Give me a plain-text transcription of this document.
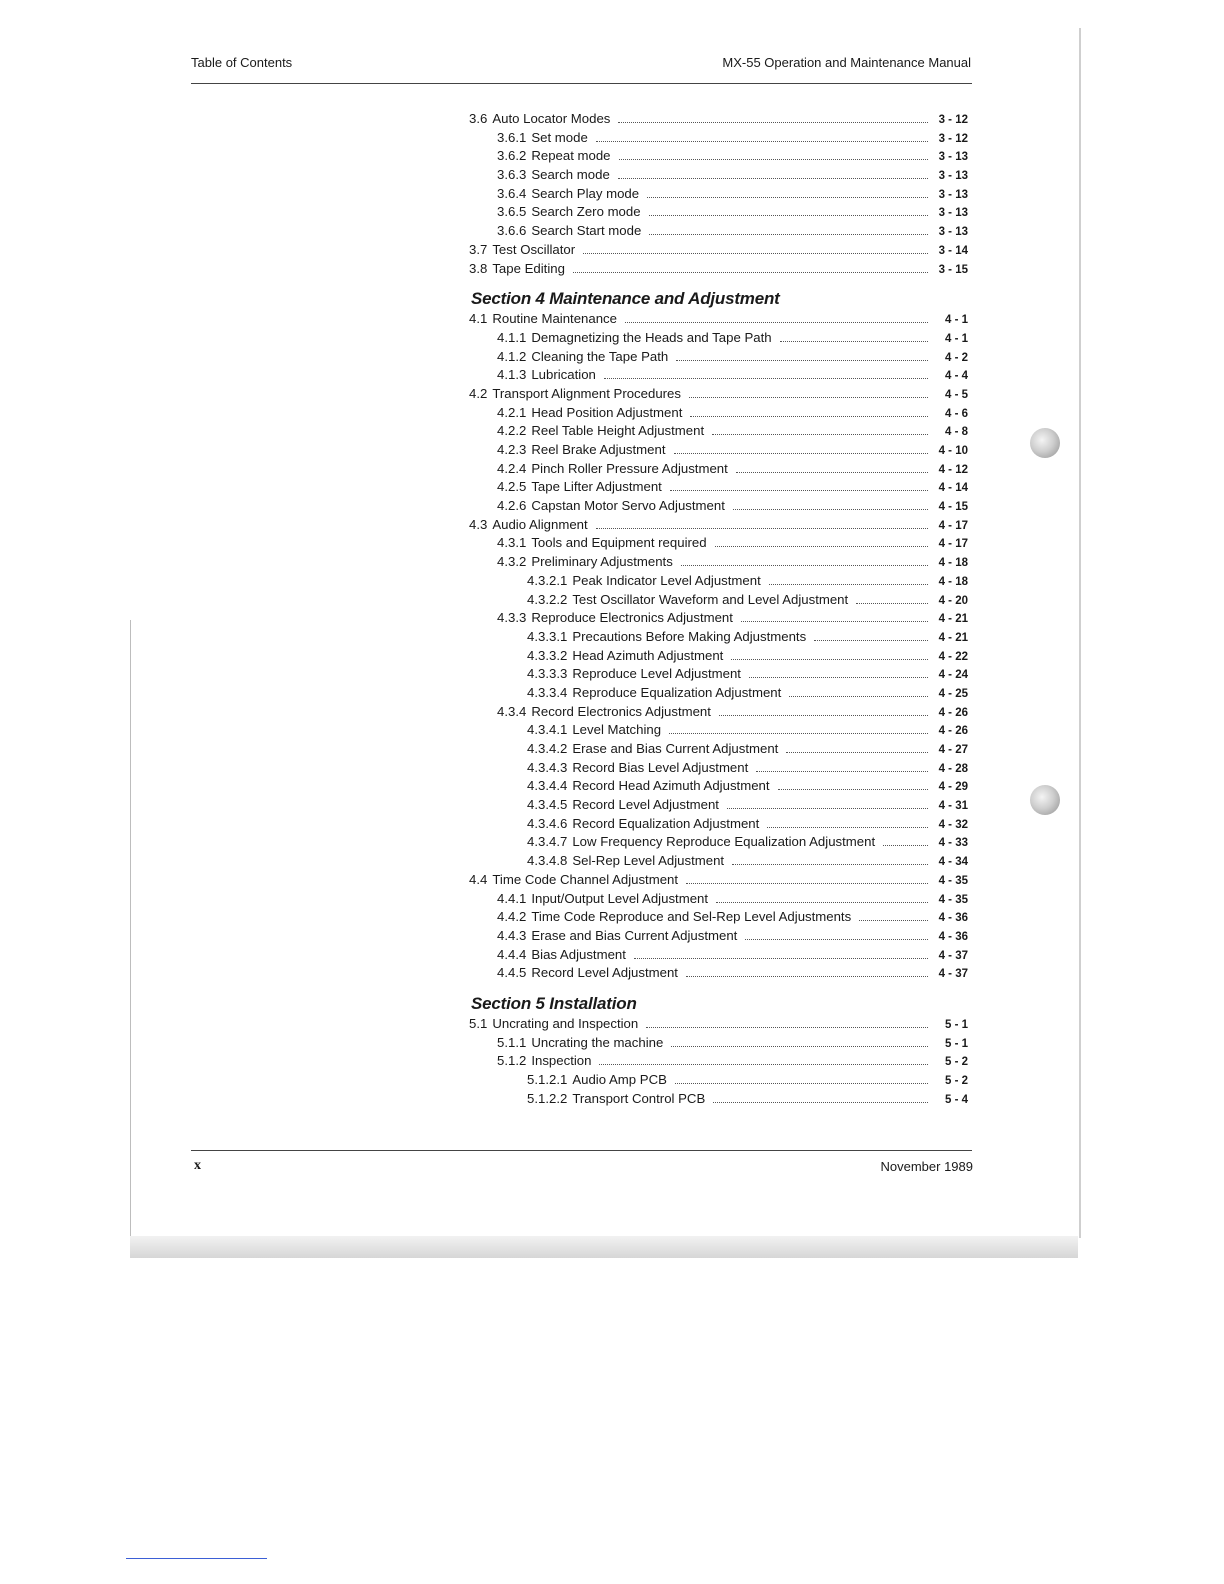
Table of Contents	MX-55 Operation and Maintenance Manual
3.6 Auto Locator Modes	3 - 12
3.6.1 Set mode	3 - 12
3.6.2 Repeat mode	3 - 13
3.6.3 Search mode	3 - 13
3.6.4 Search Play mode	3 - 13
3.6.5 Search Zero mode	3 - 13
3.6.6 Search Start mode	3 - 13
3.7 Test Oscillator	3 - 14
3.8 Tape Editing	3 - 15
Section 4 Maintenance and Adjustment
4.1 Routine Maintenance	4 - 1
4.1.1 Demagnetizing the Heads and Tape Path	4 - 1
4.1.2 Cleaning the Tape Path	4 - 2
4.1.3 Lubrication	4 - 4
4.2 Transport Alignment Procedures	4 - 5
4.2.1 Head Position Adjustment	4 - 6
4.2.2 Reel Table Height Adjustment	4 - 8
4.2.3 Reel Brake Adjustment	4 - 10
4.2.4 Pinch Roller Pressure Adjustment	4 - 12
4.2.5 Tape Lifter Adjustment	4 - 14
4.2.6 Capstan Motor Servo Adjustment	4 - 15
4.3 Audio Alignment	4 - 17
4.3.1 Tools and Equipment required	4 - 17
4.3.2 Preliminary Adjustments	4 - 18
4.3.2.1 Peak Indicator Level Adjustment	4 - 18
4.3.2.2 Test Oscillator Waveform and Level Adjustment	4 - 20
4.3.3 Reproduce Electronics Adjustment	4 - 21
4.3.3.1 Precautions Before Making Adjustments	4 - 21
4.3.3.2 Head Azimuth Adjustment	4 - 22
4.3.3.3 Reproduce Level Adjustment	4 - 24
4.3.3.4 Reproduce Equalization Adjustment	4 - 25
4.3.4 Record Electronics Adjustment	4 - 26
4.3.4.1 Level Matching	4 - 26
4.3.4.2 Erase and Bias Current Adjustment	4 - 27
4.3.4.3 Record Bias Level Adjustment	4 - 28
4.3.4.4 Record Head Azimuth Adjustment	4 - 29
4.3.4.5 Record Level Adjustment	4 - 31
4.3.4.6 Record Equalization Adjustment	4 - 32
4.3.4.7 Low Frequency Reproduce Equalization Adjustment	4 - 33
4.3.4.8 Sel-Rep Level Adjustment	4 - 34
4.4 Time Code Channel Adjustment	4 - 35
4.4.1 Input/Output Level Adjustment	4 - 35
4.4.2 Time Code Reproduce and Sel-Rep Level Adjustments	4 - 36
4.4.3 Erase and Bias Current Adjustment	4 - 36
4.4.4 Bias Adjustment	4 - 37
4.4.5 Record Level Adjustment	4 - 37
Section 5 Installation
5.1 Uncrating and Inspection	5 - 1
5.1.1 Uncrating the machine	5 - 1
5.1.2 Inspection	5 - 2
5.1.2.1 Audio Amp PCB	5 - 2
5.1.2.2 Transport Control PCB	5 - 4
x	November 1989
